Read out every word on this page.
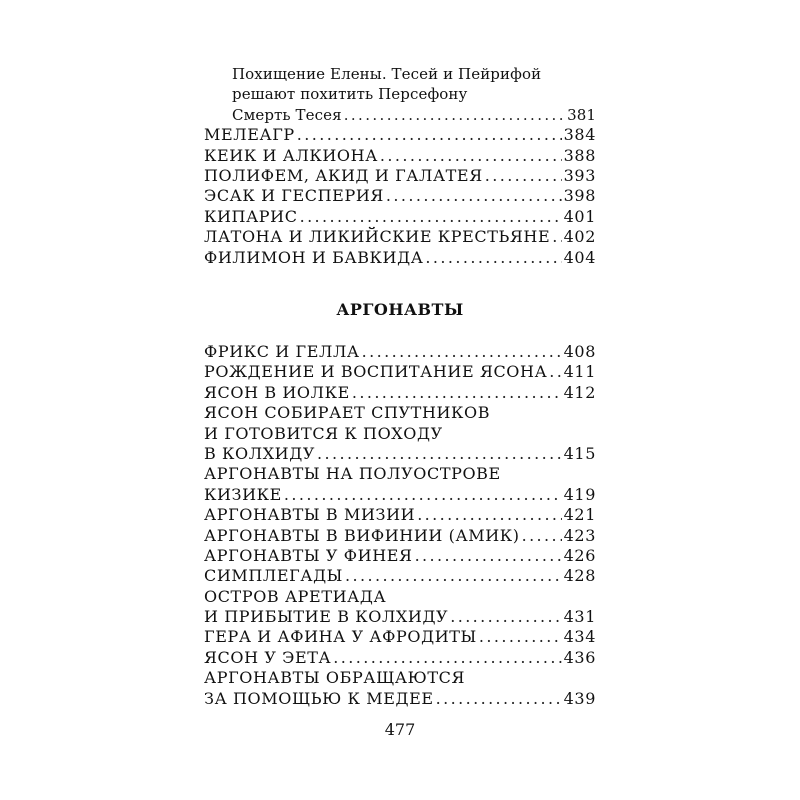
Похищение Елены. Тесей и Пейрифой
решают похитить Персефону
Смерть Тесея .....	381
МЕЛЕАГР .....	384
КЕИК И АЛКИОНА .....	388
ПОЛИФЕМ, АКИД И ГАЛАТЕЯ .....	393
ЭСАК И ГЕСПЕРИЯ .....	398
КИПАРИС .....	401
ЛАТОНА И ЛИКИЙСКИЕ КРЕСТЬЯНЕ ..... 402
ФИЛИМОН И БАВКИДА .....	404
АРГОНАВТЫ
ФРИКС И ГЕЛЛА .....	408
РОЖДЕНИЕ И ВОСПИТАНИЕ ЯСОНА ..... 411
ЯСОН В ИОЛКЕ .....	412
ЯСОН СОБИРАЕТ СПУТНИКОВ
И ГОТОВИТСЯ К ПОХОДУ
В КОЛХИДУ .....	415
АРГОНАВТЫ НА ПОЛУОСТРОВЕ
КИЗИКЕ .....	419
АРГОНАВТЫ В МИЗИИ .....	421
АРГОНАВТЫ В ВИФИНИИ (АМИК) .....	423
АРГОНАВТЫ У ФИНЕЯ .....	426
СИМПЛЕГАДЫ .....	428
ОСТРОВ АРЕТИАДА
И ПРИБЫТИЕ В КОЛХИДУ .....	431
ГЕРА И АФИНА У АФРОДИТЫ .....	434
ЯСОН У ЭЕТА .....	436
АРГОНАВТЫ ОБРАЩАЮТСЯ
ЗА ПОМОЩЬЮ К МЕДЕЕ .....	439
477
